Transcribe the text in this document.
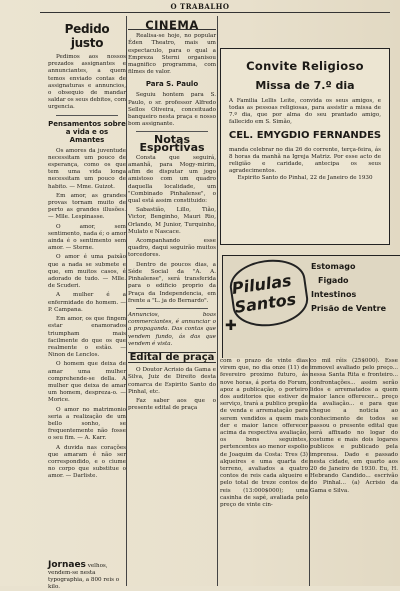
O TRABALHO
Pedido justo

Pedimos aos nossos prezados assignantes e annunciantes, a quem temos enviado contas de assignaturas e annuncios, o obsequio de mandar saldar os seus debitos, com urgencia.

Pensamentos sobre a vida e os Amantes

Os amores da juventude necessitam um pouco de esperança, como os que tem uma vida longa necessitam um pouco de habito. — Mme. Guizot.

Em amor, as grandes provas tornam muito de perto as grandes illusões. — Mlle. Lespinasse.

O amor, sem sentimento, nada é; o amor ainda é o sentimento sem amor. — Sterne.

O amor é uma paixão que a nada se submete e que, em muitos casos, é adorado de tudo. — Mlle. de Scuderi.

A mulher é a enfermidade do homem. — P. Campana.

Em amor, os que fingem estar enamorados triumpham mais facilmente do que os que realmente o estão. — Ninon de Lenclos.

O homem que deixa de amar uma mulher comprehende-se della. A mulher que deixa de amar um homem, despreza-o. — Morice.

O amor no matrimonio seria a realização de um bello sonho, se frequentemente não fosse o seu fim. — A. Karr.

A duvida nas corações que amaram é não ser correspondido, e o ciume no corpo que substitue o amor. — Darliste.

Jornaes velhos, vendem-se nesta typographia, a 800 reis o kilo.
CINEMA

Realisa-se hoje, no popular Éden Theatro, mais um espectaculo, para o qual a Empreza Sterni organisou magnifico programma, com filmes de valor.

Para S. Paulo

Seguiu hontem para S. Paulo, o sr. professor Alfredo Sellos Oliveira, conceituado banqueiro nesta praça e nosso bom assignante.

Notas Esportivas

Consta que seguirá, amanhã, para Mogy-mirim, afim de disputar um jogo amistoso com um quadro daquella localidade, um "Combinado Pinhalense", o qual está assim constituido:

Sabastião, Lillo, Tião, Victor, Benginho, Mauri Rio, Orlando, M Junior, Turquinho, Mulato e Nascace.

Acompanhando esse quadro, daqui seguirão muitos torcedores.

Dentro de poucos dias, a Séde Social da "A. A. Pinhalense", será transferida para o edificio proprio da Praça da Independencia, em frente a "L. ja do Bernardo".

Annuncios, boas commerciantes, é annunciar o a propaganda. Das contas que vendem fundo, ás das que vendem é vista.

Edital de praça

O Doutor Acrisio da Gama e Silva, Juiz de Direito desta comarca de Espirito Santo do Pinhal, etc.

Faz saber aos que o presente edital de praça

Convite Religioso
Missa de 7.º dia
A Familia Lellis Leite, convida os seus amigos, e todas as pessoas religiosas, para assistir a missa de 7.º dia, que por alma do seu prantado amigo, fallecido em S. Simão,
CEL. EMYGDIO FERNANDES
manda celebrar no dia 26 do corrente, terça-feira, ás 8 horas da manhã na Igreja Matriz. Por esse acto de religião e caridade, antecipa os seus agradecimentos.
Espirito Santo do Pinhal, 22 de Janeiro de 1930
Pilulas Santos
Estomago
Figado
Intestinos
Prisão de Ventre
✚

com o prazo de vinte dias virem que, no dia onze (11) de fevereiro proximo futuro, ás nove horas, á porta do Forum, apoz a publicação, o porteiro dos auditorios que estiver de serviço, trará a publico pregão de venda e arrematação para serem vendidos a quem mais der e maior lance offerecer acima da respectiva avaliação, os bens seguintes, pertencentes ao menor espolio de Joaquim da Costa: Tres (3) alqueires e uma quarta de terreno, avaliados a quatro contos de reis cada alqueire e pelo total de treze contos de reis (13:000$000); uma casinha de sapé, avaliada pelo preço de vinte cin-

co mil réis (25$000). Esse immovel avaliado pelo preço... nessa Santa Rita e fronteiro... confrontações... assim serão lidos e arrematados a quem maior lance offerecer... preço da avaliação... e para que chegue a noticia ao conhecimento de todos se passou o presente edital que será affixado no logar do costume e mais dois logares publicos e publicado pela imprensa. Dado e passado nesta cidade, em quarto aos 20 de Janeiro de 1930. Eu, H. Hebrando Candido... escrivão do Pinhal... (a) Acrisio da Gama e Silva.
